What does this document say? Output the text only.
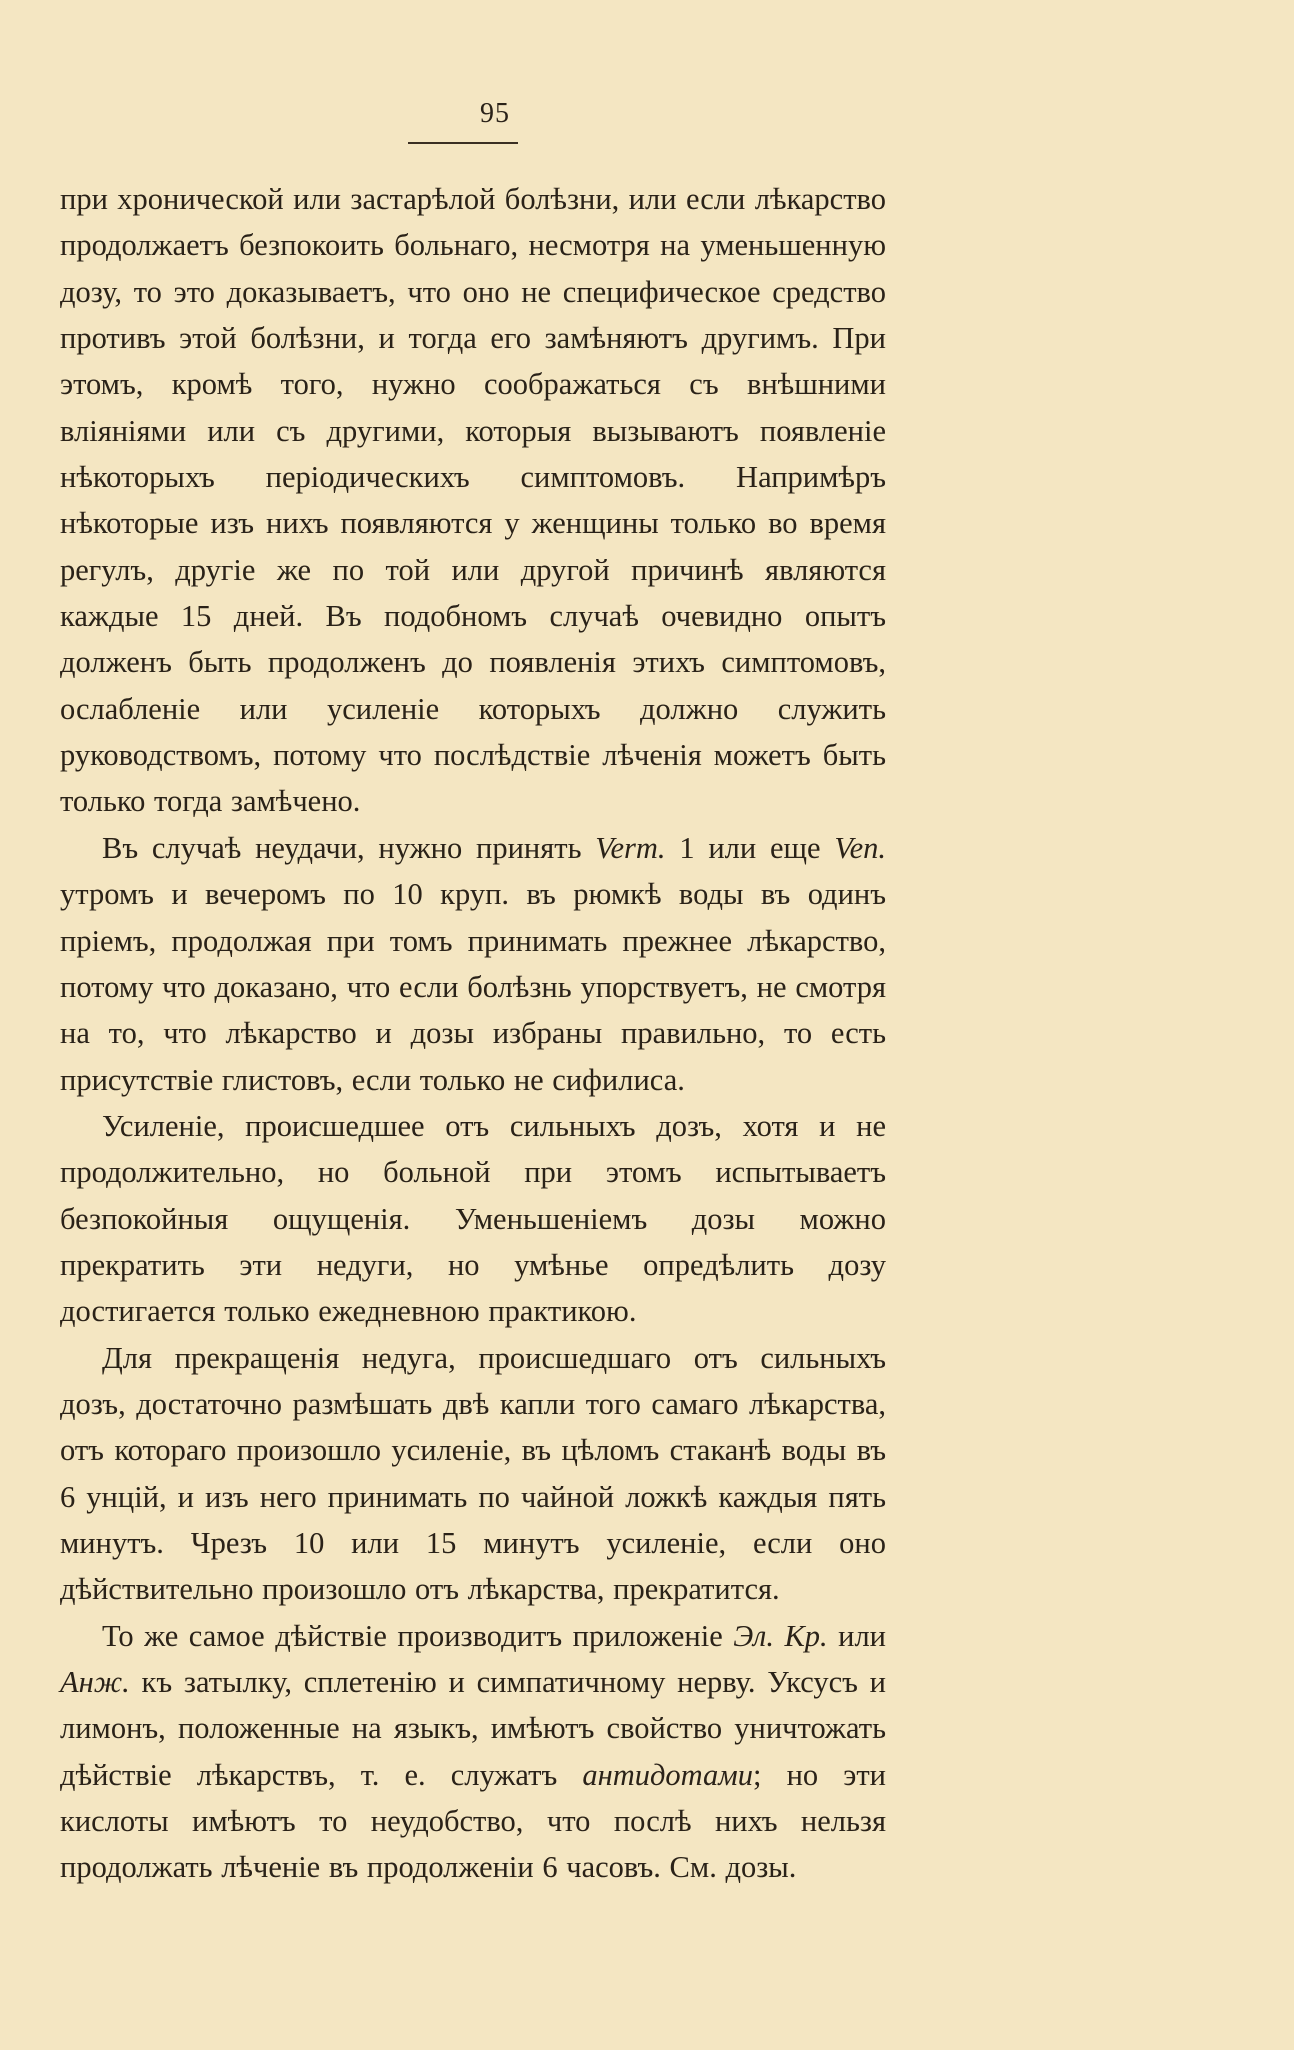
95

при хронической или застарѣлой болѣзни, или если лѣкарство продолжаетъ безпокоить больнаго, несмотря на уменьшенную дозу, то это доказываетъ, что оно не специфическое средство противъ этой болѣзни, и тогда его замѣняютъ другимъ. При этомъ, кромѣ того, нужно соображаться съ внѣшними вліяніями или съ другими, которыя вызываютъ появленіе нѣкоторыхъ періодическихъ симптомовъ. Напримѣръ нѣкоторые изъ нихъ появляются у женщины только во время регулъ, другіе же по той или другой причинѣ являются каждые 15 дней. Въ подобномъ случаѣ очевидно опытъ долженъ быть продолженъ до появленія этихъ симптомовъ, ослабленіе или усиленіе которыхъ должно служить руководствомъ, потому что послѣдствіе лѣченія можетъ быть только тогда замѣчено.

Въ случаѣ неудачи, нужно принять Verm. 1 или еще Ven. утромъ и вечеромъ по 10 круп. въ рюмкѣ воды въ одинъ пріемъ, продолжая при томъ принимать прежнее лѣкарство, потому что доказано, что если болѣзнь упорствуетъ, не смотря на то, что лѣкарство и дозы избраны правильно, то есть присутствіе глистовъ, если только не сифилиса.

Усиленіе, происшедшее отъ сильныхъ дозъ, хотя и не продолжительно, но больной при этомъ испытываетъ безпокойныя ощущенія. Уменьшеніемъ дозы можно прекратить эти недуги, но умѣнье опредѣлить дозу достигается только ежедневною практикою.

Для прекращенія недуга, происшедшаго отъ сильныхъ дозъ, достаточно размѣшать двѣ капли того самаго лѣкарства, отъ котораго произошло усиленіе, въ цѣломъ стаканѣ воды въ 6 унцій, и изъ него принимать по чайной ложкѣ каждыя пять минутъ. Чрезъ 10 или 15 минутъ усиленіе, если оно дѣйствительно произошло отъ лѣкарства, прекратится.

То же самое дѣйствіе производитъ приложеніе Эл. Кр. или Анж. къ затылку, сплетенію и симпатичному нерву. Уксусъ и лимонъ, положенные на языкъ, имѣютъ свойство уничтожать дѣйствіе лѣкарствъ, т. е. служатъ антидотами; но эти кислоты имѣютъ то неудобство, что послѣ нихъ нельзя продолжать лѣченіе въ продолженіи 6 часовъ. См. дозы.
